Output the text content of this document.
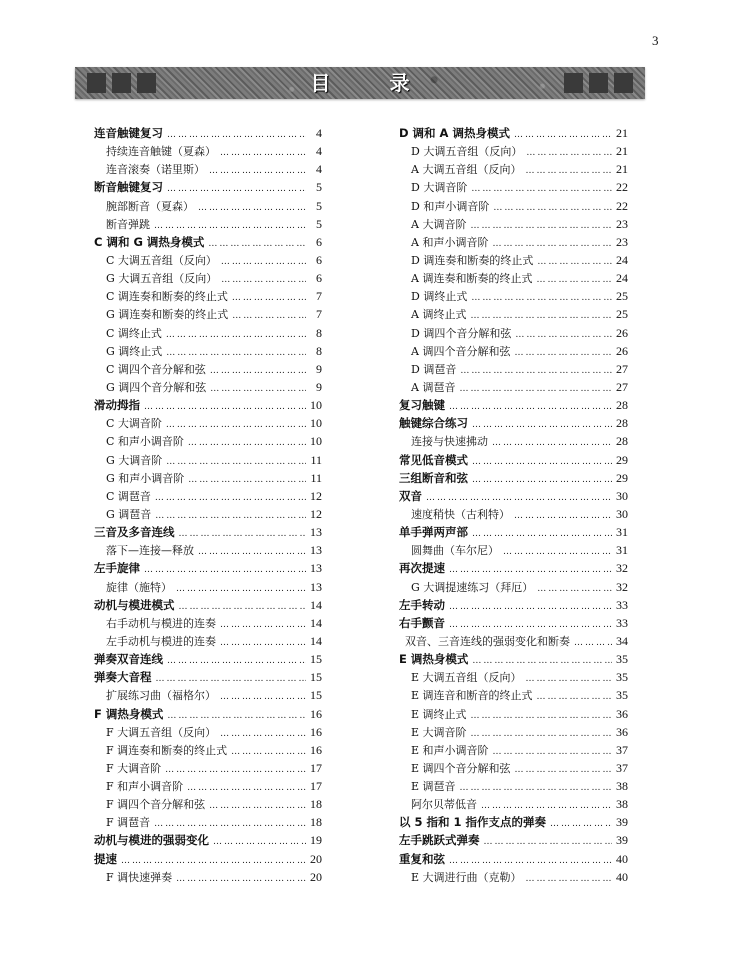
3
目 录
连音触键复习 …………………………………………………………………………………………………………………………	4
持续连音触键（夏森） …………………………………………………………………………………………………………………………	4
连音滚奏（诺里斯） …………………………………………………………………………………………………………………………	4
断音触键复习 …………………………………………………………………………………………………………………………	5
腕部断音（夏森） …………………………………………………………………………………………………………………………	5
断音弹跳 …………………………………………………………………………………………………………………………	5
C 调和 G 调热身模式 …………………………………………………………………………………………………………………………	6
C 大调五音组（反向） …………………………………………………………………………………………………………………………	6
G 大调五音组（反向） …………………………………………………………………………………………………………………………	6
C 调连奏和断奏的终止式 …………………………………………………………………………………………………………………………	7
G 调连奏和断奏的终止式 …………………………………………………………………………………………………………………………	7
C 调终止式 …………………………………………………………………………………………………………………………	8
G 调终止式 …………………………………………………………………………………………………………………………	8
C 调四个音分解和弦 …………………………………………………………………………………………………………………………	9
G 调四个音分解和弦 …………………………………………………………………………………………………………………………	9
滑动拇指 …………………………………………………………………………………………………………………………	10
C 大调音阶 …………………………………………………………………………………………………………………………	10
C 和声小调音阶 …………………………………………………………………………………………………………………………	10
G 大调音阶 …………………………………………………………………………………………………………………………	11
G 和声小调音阶 …………………………………………………………………………………………………………………………	11
C 调琶音 …………………………………………………………………………………………………………………………	12
G 调琶音 …………………………………………………………………………………………………………………………	12
三音及多音连线 …………………………………………………………………………………………………………………………	13
落下—连接—释放 …………………………………………………………………………………………………………………………	13
左手旋律 …………………………………………………………………………………………………………………………	13
旋律（施特） …………………………………………………………………………………………………………………………	13
动机与模进模式 …………………………………………………………………………………………………………………………	14
右手动机与模进的连奏 …………………………………………………………………………………………………………………………	14
左手动机与模进的连奏 …………………………………………………………………………………………………………………………	14
弹奏双音连线 …………………………………………………………………………………………………………………………	15
弹奏大音程 …………………………………………………………………………………………………………………………	15
扩展练习曲（福格尔） …………………………………………………………………………………………………………………………	15
F 调热身模式 …………………………………………………………………………………………………………………………	16
F 大调五音组（反向） …………………………………………………………………………………………………………………………	16
F 调连奏和断奏的终止式 …………………………………………………………………………………………………………………………	16
F 大调音阶 …………………………………………………………………………………………………………………………	17
F 和声小调音阶 …………………………………………………………………………………………………………………………	17
F 调四个音分解和弦 …………………………………………………………………………………………………………………………	18
F 调琶音 …………………………………………………………………………………………………………………………	18
动机与模进的强弱变化 …………………………………………………………………………………………………………………………	19
提速 …………………………………………………………………………………………………………………………	20
F 调快速弹奏 …………………………………………………………………………………………………………………………	20
D 调和 A 调热身模式 …………………………………………………………………………………………………………………………	21
D 大调五音组（反向） …………………………………………………………………………………………………………………………	21
A 大调五音组（反向） …………………………………………………………………………………………………………………………	21
D 大调音阶 …………………………………………………………………………………………………………………………	22
D 和声小调音阶 …………………………………………………………………………………………………………………………	22
A 大调音阶 …………………………………………………………………………………………………………………………	23
A 和声小调音阶 …………………………………………………………………………………………………………………………	23
D 调连奏和断奏的终止式 …………………………………………………………………………………………………………………………	24
A 调连奏和断奏的终止式 …………………………………………………………………………………………………………………………	24
D 调终止式 …………………………………………………………………………………………………………………………	25
A 调终止式 …………………………………………………………………………………………………………………………	25
D 调四个音分解和弦 …………………………………………………………………………………………………………………………	26
A 调四个音分解和弦 …………………………………………………………………………………………………………………………	26
D 调琶音 …………………………………………………………………………………………………………………………	27
A 调琶音 …………………………………………………………………………………………………………………………	27
复习触键 …………………………………………………………………………………………………………………………	28
触键综合练习 …………………………………………………………………………………………………………………………	28
连接与快速拂动 …………………………………………………………………………………………………………………………	28
常见低音模式 …………………………………………………………………………………………………………………………	29
三组断音和弦 …………………………………………………………………………………………………………………………	29
双音 …………………………………………………………………………………………………………………………	30
速度稍快（古利特） …………………………………………………………………………………………………………………………	30
单手弹两声部 …………………………………………………………………………………………………………………………	31
圆舞曲（车尔尼） …………………………………………………………………………………………………………………………	31
再次提速 …………………………………………………………………………………………………………………………	32
G 大调提速练习（拜厄） …………………………………………………………………………………………………………………………	32
左手转动 …………………………………………………………………………………………………………………………	33
右手颤音 …………………………………………………………………………………………………………………………	33
双音、三音连线的强弱变化和断奏 …………………………………………………………………………………………………………………………	34
E 调热身模式 …………………………………………………………………………………………………………………………	35
E 大调五音组（反向） …………………………………………………………………………………………………………………………	35
E 调连音和断音的终止式 …………………………………………………………………………………………………………………………	35
E 调终止式 …………………………………………………………………………………………………………………………	36
E 大调音阶 …………………………………………………………………………………………………………………………	36
E 和声小调音阶 …………………………………………………………………………………………………………………………	37
E 调四个音分解和弦 …………………………………………………………………………………………………………………………	37
E 调琶音 …………………………………………………………………………………………………………………………	38
阿尔贝蒂低音 …………………………………………………………………………………………………………………………	38
以 5 指和 1 指作支点的弹奏 …………………………………………………………………………………………………………………………	39
左手跳跃式弹奏 …………………………………………………………………………………………………………………………	39
重复和弦 …………………………………………………………………………………………………………………………	40
E 大调进行曲（克勒） …………………………………………………………………………………………………………………………	40
